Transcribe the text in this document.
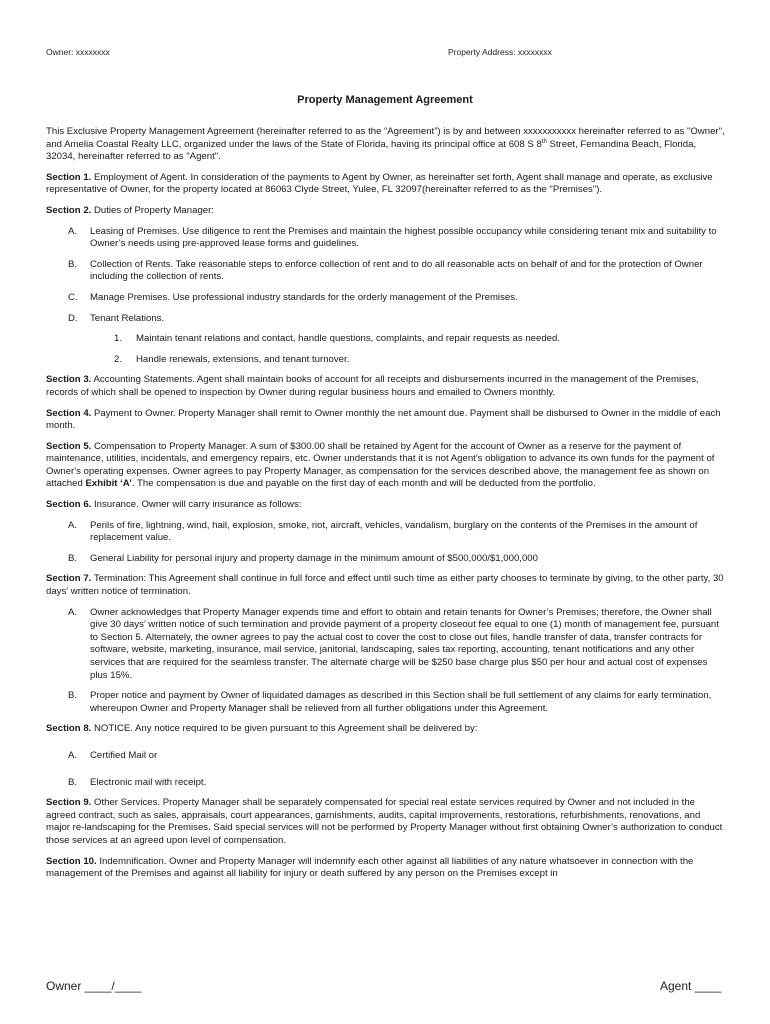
Owner: xxxxxxxx	Property Address: xxxxxxxx
Property Management Agreement

This Exclusive Property Management Agreement (hereinafter referred to as the “Agreement”) is by and between xxxxxxxxxxx hereinafter referred to as "Owner", and Amelia Coastal Realty LLC, organized under the laws of the State of Florida, having its principal office at 608 S 8th Street, Fernandina Beach, Florida, 32034, hereinafter referred to as "Agent".

Section 1. Employment of Agent. In consideration of the payments to Agent by Owner, as hereinafter set forth, Agent shall manage and operate, as exclusive representative of Owner, for the property located at 86063 Clyde Street, Yulee, FL 32097(hereinafter referred to as the "Premises").

Section 2. Duties of Property Manager:

A.	Leasing of Premises. Use diligence to rent the Premises and maintain the highest possible occupancy while considering tenant mix and suitability to Owner’s needs using pre-approved lease forms and guidelines.
B.	Collection of Rents. Take reasonable steps to enforce collection of rent and to do all reasonable acts on behalf of and for the protection of Owner including the collection of rents.
C.	Manage Premises. Use professional industry standards for the orderly management of the Premises.
D.	Tenant Relations.
1.	Maintain tenant relations and contact, handle questions, complaints, and repair requests as needed.
2.	Handle renewals, extensions, and tenant turnover.

Section 3. Accounting Statements. Agent shall maintain books of account for all receipts and disbursements incurred in the management of the Premises, records of which shall be opened to inspection by Owner during regular business hours and emailed to Owners monthly.

Section 4. Payment to Owner. Property Manager shall remit to Owner monthly the net amount due. Payment shall be disbursed to Owner in the middle of each month.

Section 5. Compensation to Property Manager. A sum of $300.00 shall be retained by Agent for the account of Owner as a reserve for the payment of maintenance, utilities, incidentals, and emergency repairs, etc. Owner understands that it is not Agent's obligation to advance its own funds for the payment of Owner's operating expenses. Owner agrees to pay Property Manager, as compensation for the services described above, the management fee as shown on attached Exhibit ‘A’. The compensation is due and payable on the first day of each month and will be deducted from the portfolio.

Section 6. Insurance. Owner will carry insurance as follows:

A.	Perils of fire, lightning, wind, hail, explosion, smoke, riot, aircraft, vehicles, vandalism, burglary on the contents of the Premises in the amount of replacement value.
B.	General Liability for personal injury and property damage in the minimum amount of $500,000/$1,000,000

Section 7. Termination: This Agreement shall continue in full force and effect until such time as either party chooses to terminate by giving, to the other party, 30 days' written notice of termination.

A.	Owner acknowledges that Property Manager expends time and effort to obtain and retain tenants for Owner’s Premises; therefore, the Owner shall give 30 days’ written notice of such termination and provide payment of a property closeout fee equal to one (1) month of management fee, pursuant to Section 5. Alternately, the owner agrees to pay the actual cost to cover the cost to close out files, handle transfer of data, transfer contracts for software, website, marketing, insurance, mail service, janitorial, landscaping, sales tax reporting, accounting, tenant notifications and any other services that are required for the seamless transfer. The alternate charge will be $250 base charge plus $50 per hour and actual cost of expenses plus 15%.
B.	Proper notice and payment by Owner of liquidated damages as described in this Section shall be full settlement of any claims for early termination, whereupon Owner and Property Manager shall be relieved from all further obligations under this Agreement.

Section 8. NOTICE. Any notice required to be given pursuant to this Agreement shall be delivered by:

A.	Certified Mail or
B.	Electronic mail with receipt.

Section 9. Other Services. Property Manager shall be separately compensated for special real estate services required by Owner and not included in the agreed contract, such as sales, appraisals, court appearances, garnishments, audits, capital improvements, restorations, refurbishments, renovations, and major re-landscaping for the Premises. Said special services will not be performed by Property Manager without first obtaining Owner’s authorization to conduct those services at an agreed upon level of compensation.

Section 10. Indemnification. Owner and Property Manager will indemnify each other against all liabilities of any nature whatsoever in connection with the management of the Premises and against all liability for injury or death suffered by any person on the Premises except in

Owner ____/____	Agent ____
